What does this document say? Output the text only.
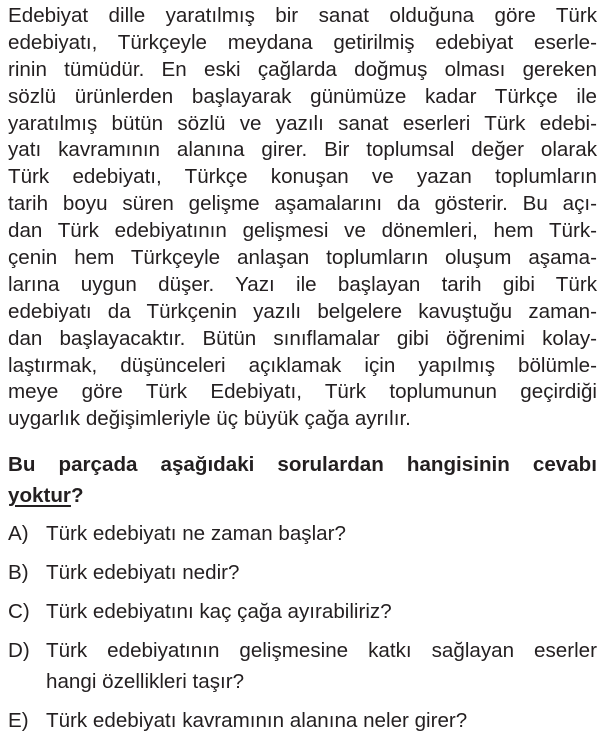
Edebiyat dille yaratılmış bir sanat olduğuna göre Türk
edebiyatı, Türkçeyle meydana getirilmiş edebiyat eserle-
rinin tümüdür. En eski çağlarda doğmuş olması gereken
sözlü ürünlerden başlayarak günümüze kadar Türkçe ile
yaratılmış bütün sözlü ve yazılı sanat eserleri Türk edebi-
yatı kavramının alanına girer. Bir toplumsal değer olarak
Türk edebiyatı, Türkçe konuşan ve yazan toplumların
tarih boyu süren gelişme aşamalarını da gösterir. Bu açı-
dan Türk edebiyatının gelişmesi ve dönemleri, hem Türk-
çenin hem Türkçeyle anlaşan toplumların oluşum aşama-
larına uygun düşer. Yazı ile başlayan tarih gibi Türk
edebiyatı da Türkçenin yazılı belgelere kavuştuğu zaman-
dan başlayacaktır. Bütün sınıflamalar gibi öğrenimi kolay-
laştırmak, düşünceleri açıklamak için yapılmış bölümle-
meye göre Türk Edebiyatı, Türk toplumunun geçirdiği
uygarlık değişimleriyle üç büyük çağa ayrılır.

Bu parçada aşağıdaki sorulardan hangisinin cevabı
yoktur?
A) Türk edebiyatı ne zaman başlar?
B) Türk edebiyatı nedir?
C) Türk edebiyatını kaç çağa ayırabiliriz?
D) Türk edebiyatının gelişmesine katkı sağlayan eserler
hangi özellikleri taşır?
E) Türk edebiyatı kavramının alanına neler girer?
